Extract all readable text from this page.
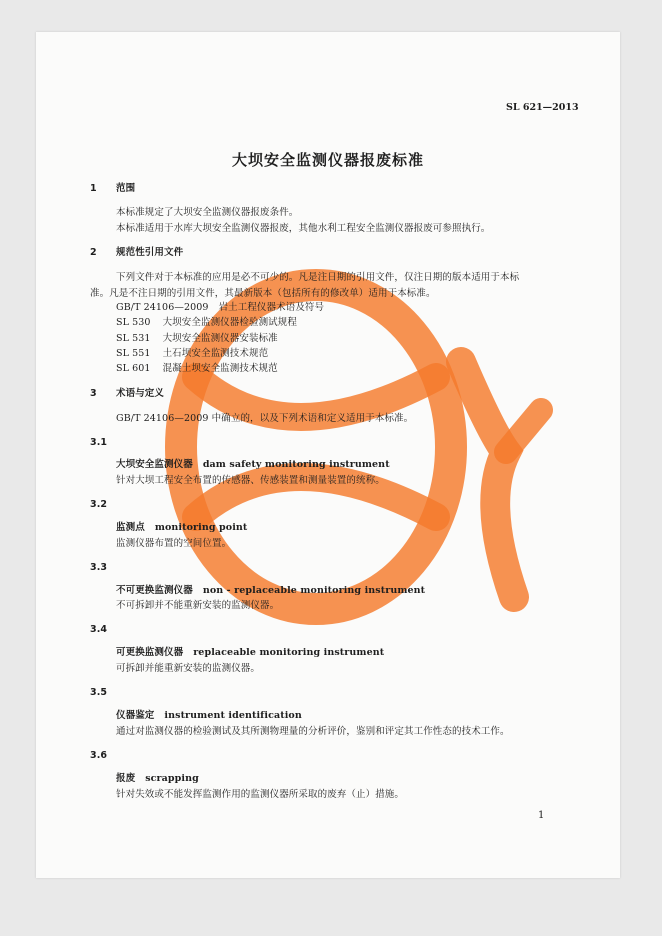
SL 621—2013
大坝安全监测仪器报废标准
1 范围
本标准规定了大坝安全监测仪器报废条件。
本标准适用于水库大坝安全监测仪器报废，其他水利工程安全监测仪器报废可参照执行。
2 规范性引用文件
下列文件对于本标准的应用是必不可少的。凡是注日期的引用文件，仅注日期的版本适用于本标
准。凡是不注日期的引用文件，其最新版本（包括所有的修改单）适用于本标准。
GB/T 24106—2009 岩土工程仪器术语及符号
SL 530 大坝安全监测仪器检验测试规程
SL 531 大坝安全监测仪器安装标准
SL 551 土石坝安全监测技术规范
SL 601 混凝土坝安全监测技术规范
3 术语与定义
GB/T 24106—2009 中确立的，以及下列术语和定义适用于本标准。
3.1
大坝安全监测仪器 dam safety monitoring instrument
针对大坝工程安全布置的传感器、传感装置和测量装置的统称。
3.2
监测点 monitoring point
监测仪器布置的空间位置。
3.3
不可更换监测仪器 non - replaceable monitoring instrument
不可拆卸并不能重新安装的监测仪器。
3.4
可更换监测仪器 replaceable monitoring instrument
可拆卸并能重新安装的监测仪器。
3.5
仪器鉴定 instrument identification
通过对监测仪器的检验测试及其所测物理量的分析评价，鉴别和评定其工作性态的技术工作。
3.6
报废 scrapping
针对失效或不能发挥监测作用的监测仪器所采取的废弃（止）措施。
1
